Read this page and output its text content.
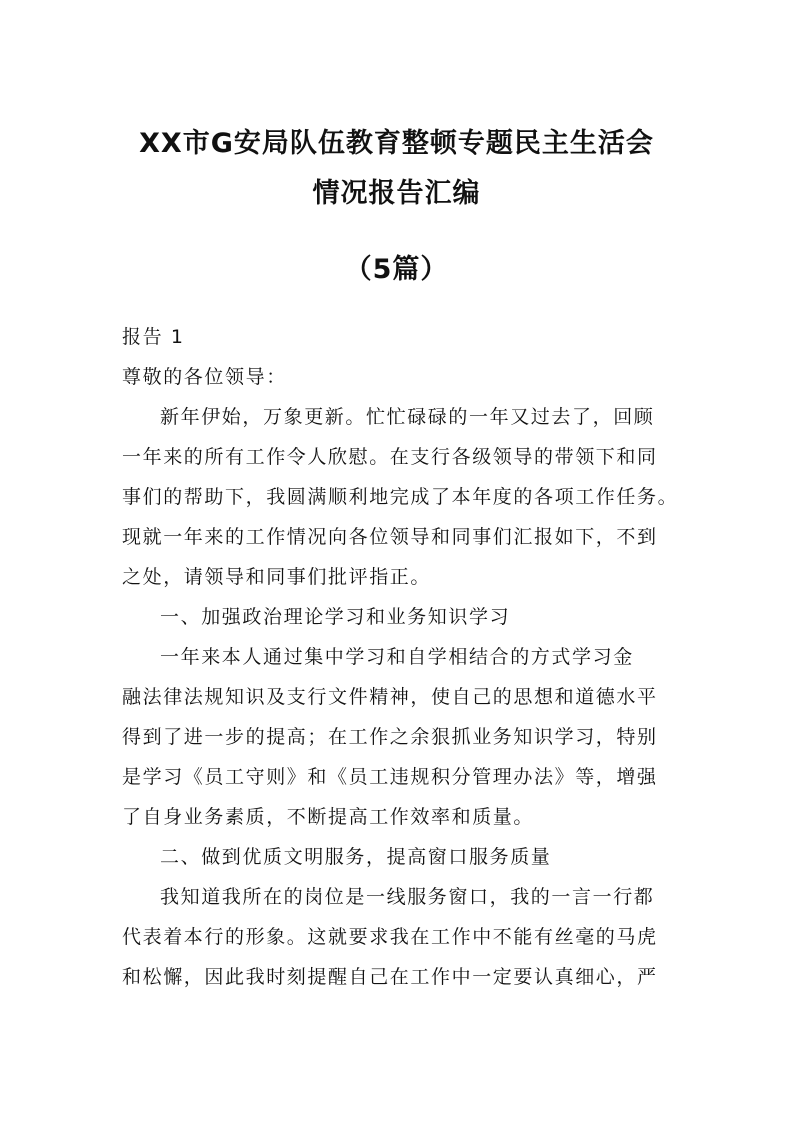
XX市G安局队伍教育整顿专题民主生活会
情况报告汇编
（5篇）
报告 1
尊敬的各位领导：
新年伊始，万象更新。忙忙碌碌的一年又过去了，回顾
一年来的所有工作令人欣慰。在支行各级领导的带领下和同
事们的帮助下，我圆满顺利地完成了本年度的各项工作任务。
现就一年来的工作情况向各位领导和同事们汇报如下，不到
之处，请领导和同事们批评指正。
一、加强政治理论学习和业务知识学习
一年来本人通过集中学习和自学相结合的方式学习金
融法律法规知识及支行文件精神，使自己的思想和道德水平
得到了进一步的提高；在工作之余狠抓业务知识学习，特别
是学习《员工守则》和《员工违规积分管理办法》等，增强
了自身业务素质，不断提高工作效率和质量。
二、做到优质文明服务，提高窗口服务质量
我知道我所在的岗位是一线服务窗口，我的一言一行都
代表着本行的形象。这就要求我在工作中不能有丝毫的马虎
和松懈，因此我时刻提醒自己在工作中一定要认真细心，严
